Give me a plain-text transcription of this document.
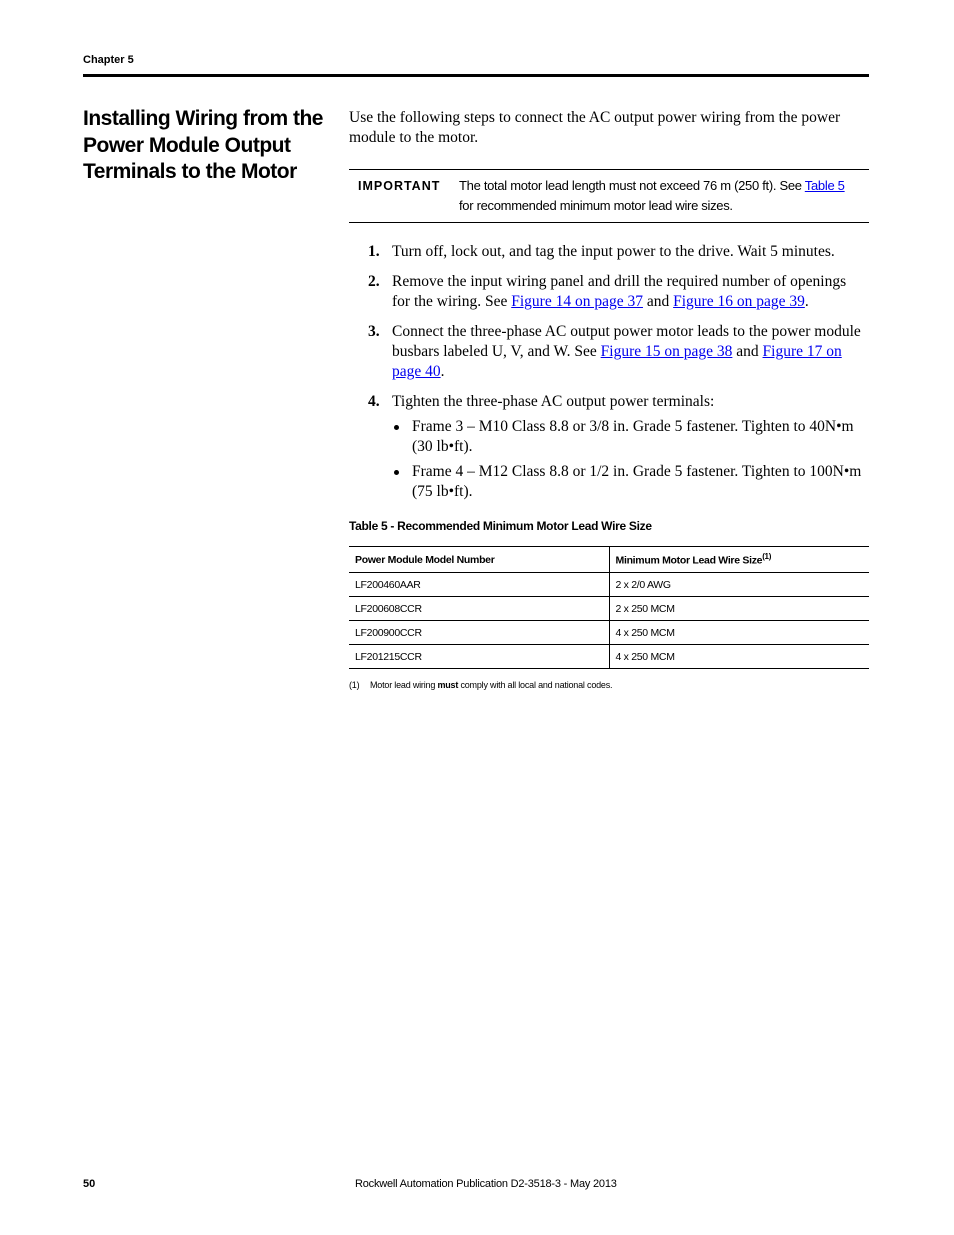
Chapter 5
Installing Wiring from the Power Module Output Terminals to the Motor

Use the following steps to connect the AC output power wiring from the power module to the motor.

IMPORTANT The total motor lead length must not exceed 76 m (250 ft). See Table 5 for recommended minimum motor lead wire sizes.
1. Turn off, lock out, and tag the input power to the drive. Wait 5 minutes.
2. Remove the input wiring panel and drill the required number of openings for the wiring. See Figure 14 on page 37 and Figure 16 on page 39.
3. Connect the three-phase AC output power motor leads to the power module busbars labeled U, V, and W. See Figure 15 on page 38 and Figure 17 on page 40.
4. Tighten the three-phase AC output power terminals:
Frame 3 – M10 Class 8.8 or 3/8 in. Grade 5 fastener. Tighten to 40N•m (30 lb•ft).
Frame 4 – M12 Class 8.8 or 1/2 in. Grade 5 fastener. Tighten to 100N•m (75 lb•ft).
Table 5 - Recommended Minimum Motor Lead Wire Size
Power Module Model Number	Minimum Motor Lead Wire Size$^{(1)}$
LF200460AAR	2 x 2/0 AWG
LF200608CCR	2 x 250 MCM
LF200900CCR	4 x 250 MCM
LF201215CCR	4 x 250 MCM
(1) Motor lead wiring must comply with all local and national codes.
50	Rockwell Automation Publication D2-3518-3 - May 2013
